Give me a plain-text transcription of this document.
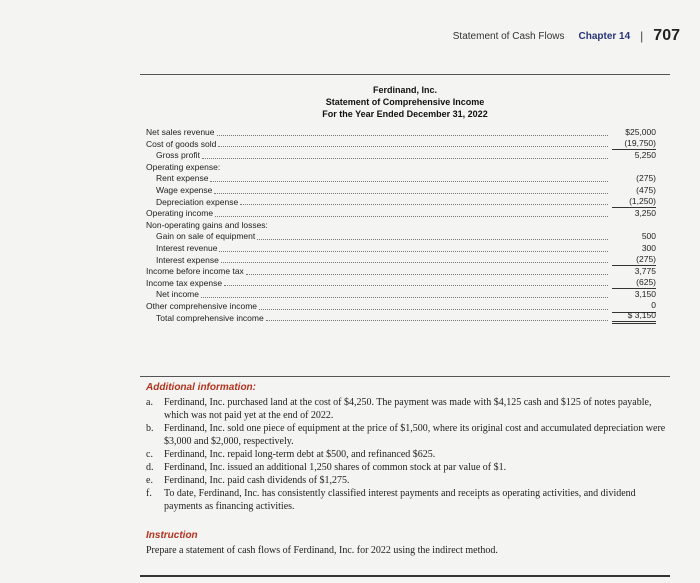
Statement of Cash Flows Chapter 14 | 707
Ferdinand, Inc.
Statement of Comprehensive Income
For the Year Ended December 31, 2022
Net sales revenue	$25,000
Cost of goods sold	(19,750)
Gross profit	5,250
Operating expense:
Rent expense	(275)
Wage expense	(475)
Depreciation expense	(1,250)
Operating income	3,250
Non-operating gains and losses:
Gain on sale of equipment	500
Interest revenue	300
Interest expense	(275)
Income before income tax	3,775
Income tax expense	(625)
Net income	3,150
Other comprehensive income	0
Total comprehensive income	$ 3,150
Additional information:
a.	Ferdinand, Inc. purchased land at the cost of $4,250. The payment was made with $4,125 cash and $125 of notes payable, which was not paid yet at the end of 2022.
b.	Ferdinand, Inc. sold one piece of equipment at the price of $1,500, where its original cost and accumulated depreciation were $3,000 and $2,000, respectively.
c.	Ferdinand, Inc. repaid long-term debt at $500, and refinanced $625.
d.	Ferdinand, Inc. issued an additional 1,250 shares of common stock at par value of $1.
e.	Ferdinand, Inc. paid cash dividends of $1,275.
f.	To date, Ferdinand, Inc. has consistently classified interest payments and receipts as operating activities, and dividend payments as financing activities.
Instruction
Prepare a statement of cash flows of Ferdinand, Inc. for 2022 using the indirect method.
